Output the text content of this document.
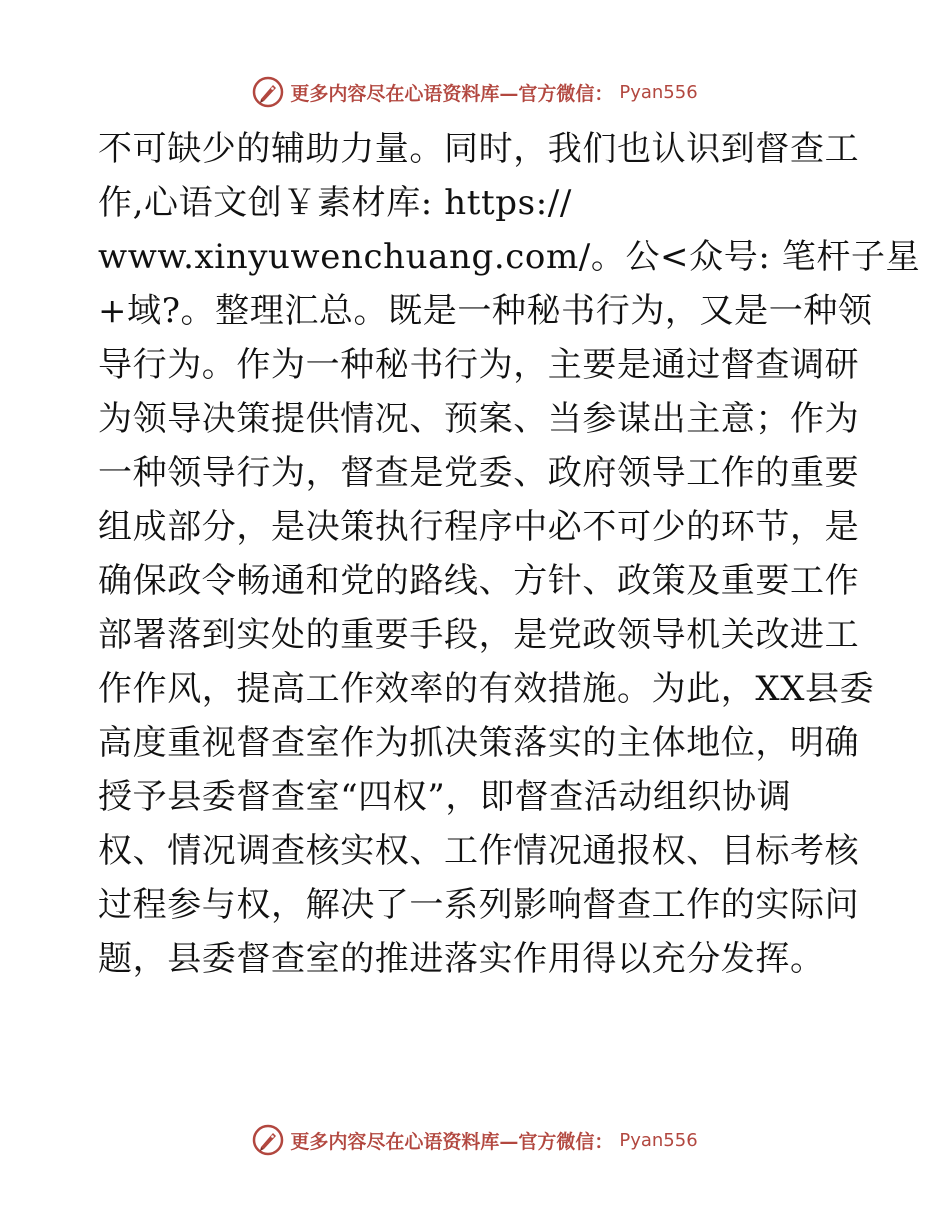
更多内容尽在心语资料库—官方微信： Pyan556
不可缺少的辅助力量。同时，我们也认识到督查工
作,心语文创￥素材库: https://
www.xinyuwenchuang.com/。公<众号: 笔杆子星
+域?。整理汇总。既是一种秘书行为，又是一种领
导行为。作为一种秘书行为，主要是通过督查调研
为领导决策提供情况、预案、当参谋出主意；作为
一种领导行为，督查是党委、政府领导工作的重要
组成部分，是决策执行程序中必不可少的环节，是
确保政令畅通和党的路线、方针、政策及重要工作
部署落到实处的重要手段，是党政领导机关改进工
作作风，提高工作效率的有效措施。为此，XX县委
高度重视督查室作为抓决策落实的主体地位，明确
授予县委督查室“四权”，即督查活动组织协调
权、情况调查核实权、工作情况通报权、目标考核
过程参与权，解决了一系列影响督查工作的实际问
题，县委督查室的推进落实作用得以充分发挥。
更多内容尽在心语资料库—官方微信： Pyan556
